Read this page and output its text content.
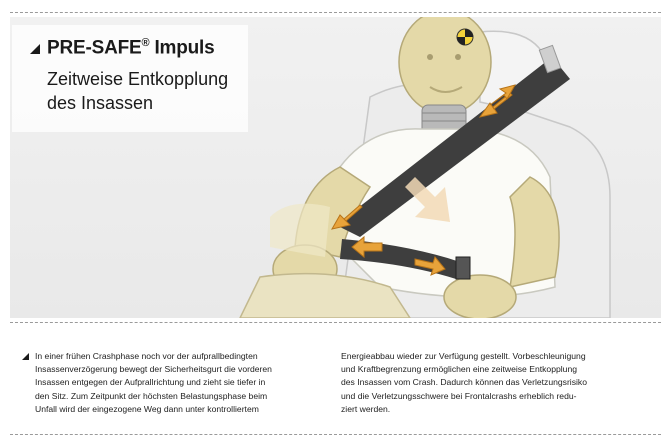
PRE-SAFE® Impuls
Zeitweise Entkopplung
des Insassen
In einer frühen Crashphase noch vor der aufprallbedingten
Insassenverzögerung bewegt der Sicherheitsgurt die vorderen
Insassen entgegen der Aufprallrichtung und zieht sie tiefer in
den Sitz. Zum Zeitpunkt der höchsten Belastungsphase beim
Unfall wird der eingezogene Weg dann unter kontrolliertem
Energieabbau wieder zur Verfügung gestellt. Vorbeschleunigung
und Kraftbegrenzung ermöglichen eine zeitweise Entkopplung
des Insassen vom Crash. Dadurch können das Verletzungsrisiko
und die Verletzungsschwere bei Frontalcrashs erheblich redu-
ziert werden.
